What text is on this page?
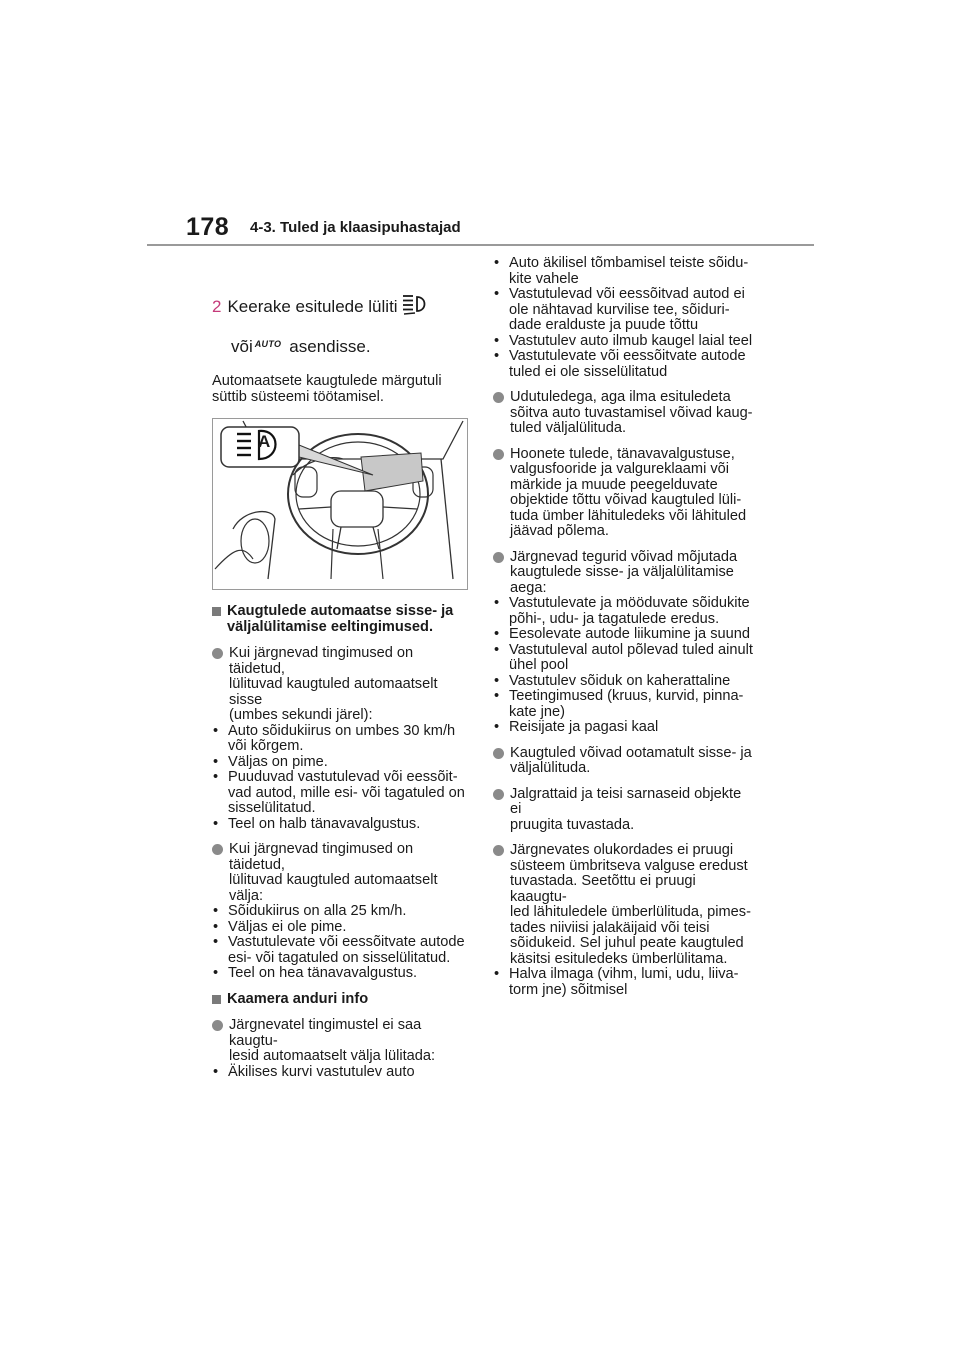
178 4-3. Tuled ja klaasipuhastajad
2 Keerake esitulede lüliti
või AUTO asendisse.

Automaatsete kaugtulede märgutuli
süttib süsteemi töötamisel.

A
Kaugtulede automaatse sisse- ja
väljalülitamise eeltingimused.
Kui järgnevad tingimused on täidetud,
lülituvad kaugtuled automaatselt sisse
(umbes sekundi järel):
• Auto sõidukiirus on umbes 30 km/h
või kõrgem.
• Väljas on pime.
• Puuduvad vastutulevad või eessõit-
vad autod, mille esi- või tagatuled on
sisselülitatud.
• Teel on halb tänavavalgustus.
Kui järgnevad tingimused on täidetud,
lülituvad kaugtuled automaatselt välja:
• Sõidukiirus on alla 25 km/h.
• Väljas ei ole pime.
• Vastutulevate või eessõitvate autode
esi- või tagatuled on sisselülitatud.
• Teel on hea tänavavalgustus.
Kaamera anduri info
Järgnevatel tingimustel ei saa kaugtu-
lesid automaatselt välja lülitada:
• Äkilises kurvi vastutulev auto
• Auto äkilisel tõmbamisel teiste sõidu-
kite vahele
• Vastutulevad või eessõitvad autod ei
ole nähtavad kurvilise tee, sõiduri-
dade eralduste ja puude tõttu
• Vastutulev auto ilmub kaugel laial teel
• Vastutulevate või eessõitvate autode
tuled ei ole sisselülitatud
Udutuledega, aga ilma esituledeta
sõitva auto tuvastamisel võivad kaug-
tuled väljalülituda.
Hoonete tulede, tänavavalgustuse,
valgusfooride ja valgureklaami või
märkide ja muude peegelduvate
objektide tõttu võivad kaugtuled lüli-
tuda ümber lähituledeks või lähituled
jäävad põlema.
Järgnevad tegurid võivad mõjutada
kaugtulede sisse- ja väljalülitamise
aega:
• Vastutulevate ja mööduvate sõidukite
põhi-, udu- ja tagatulede eredus.
• Eesolevate autode liikumine ja suund
• Vastutuleval autol põlevad tuled ainult
ühel pool
• Vastutulev sõiduk on kaherattaline
• Teetingimused (kruus, kurvid, pinna-
kate jne)
• Reisijate ja pagasi kaal
Kaugtuled võivad ootamatult sisse- ja
väljalülituda.
Jalgrattaid ja teisi sarnaseid objekte ei
pruugita tuvastada.
Järgnevates olukordades ei pruugi
süsteem ümbritseva valguse eredust
tuvastada. Seetõttu ei pruugi kaaugtu-
led lähituledele ümberlülituda, pimes-
tades niiviisi jalakäijaid või teisi
sõidukeid. Sel juhul peate kaugtuled
käsitsi esituledeks ümberlülitama.
• Halva ilmaga (vihm, lumi, udu, liiva-
torm jne) sõitmisel
